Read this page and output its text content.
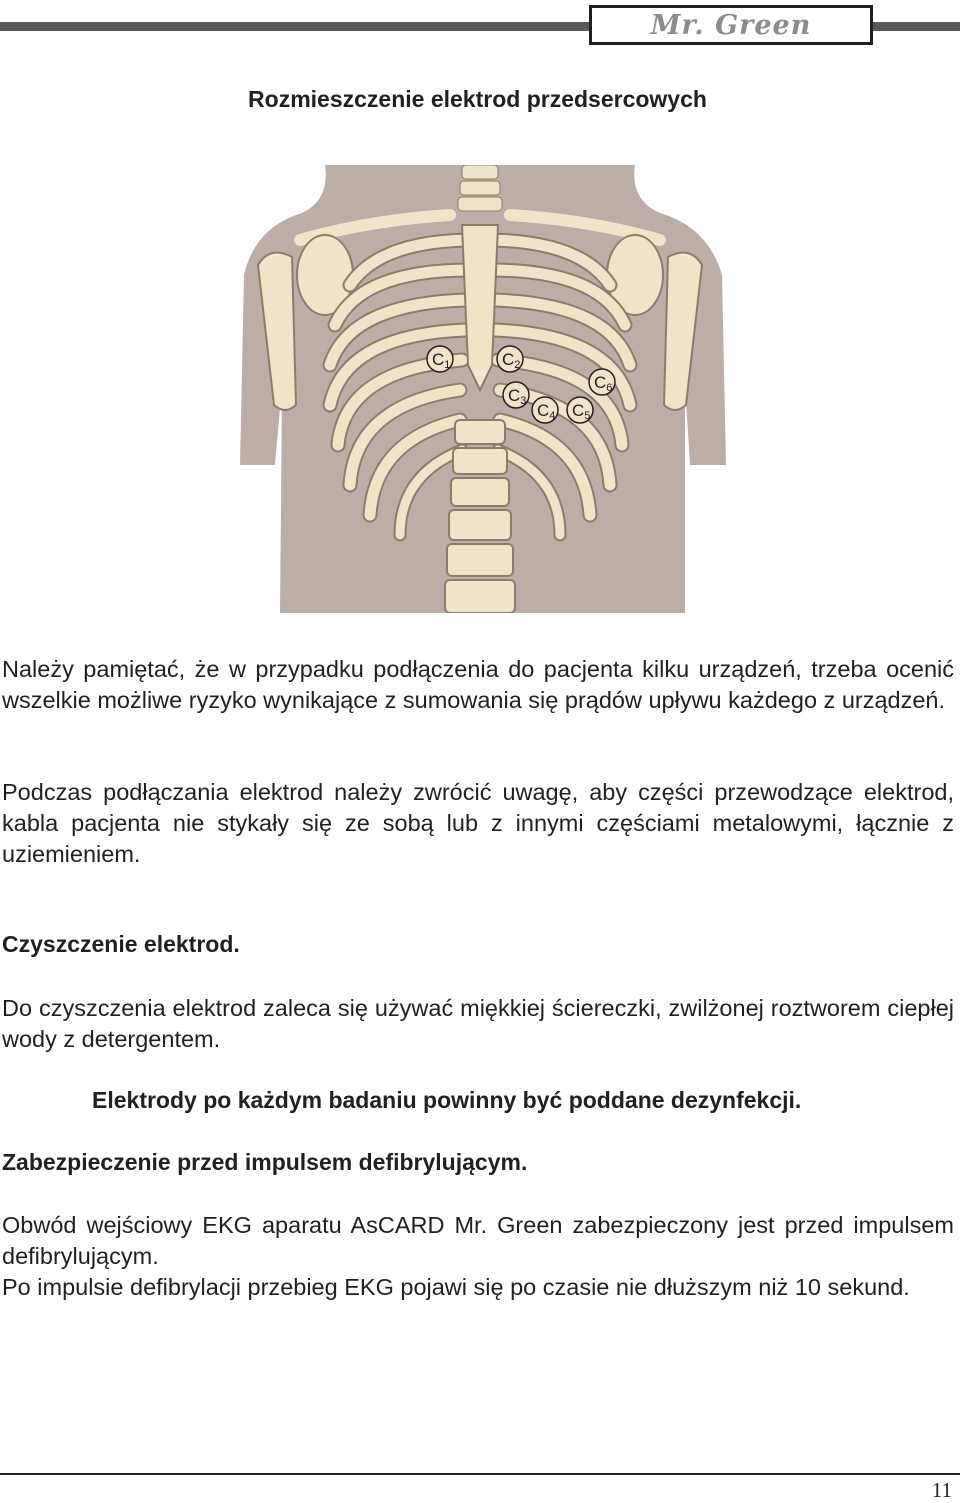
Mr. Green
Rozmieszczenie elektrod przedsercowych
C1	C2
C3 C4 C5
C6
Należy pamiętać, że w przypadku podłączenia do pacjenta kilku urządzeń, trzeba ocenić wszelkie możliwe ryzyko wynikające z sumowania się prądów upływu każdego z urządzeń.
Podczas podłączania elektrod należy zwrócić uwagę, aby części przewodzące elektrod, kabla pacjenta nie stykały się ze sobą lub z innymi częściami metalowymi, łącznie z uziemieniem.
Czyszczenie elektrod.
Do czyszczenia elektrod zaleca się używać miękkiej ściereczki, zwilżonej roztworem ciepłej wody z detergentem.
Elektrody po każdym badaniu powinny być poddane dezynfekcji.
Zabezpieczenie przed impulsem defibrylującym.
Obwód wejściowy EKG aparatu AsCARD Mr. Green zabezpieczony jest przed impulsem defibrylującym.
Po impulsie defibrylacji przebieg EKG pojawi się po czasie nie dłuższym niż 10 sekund.
11
